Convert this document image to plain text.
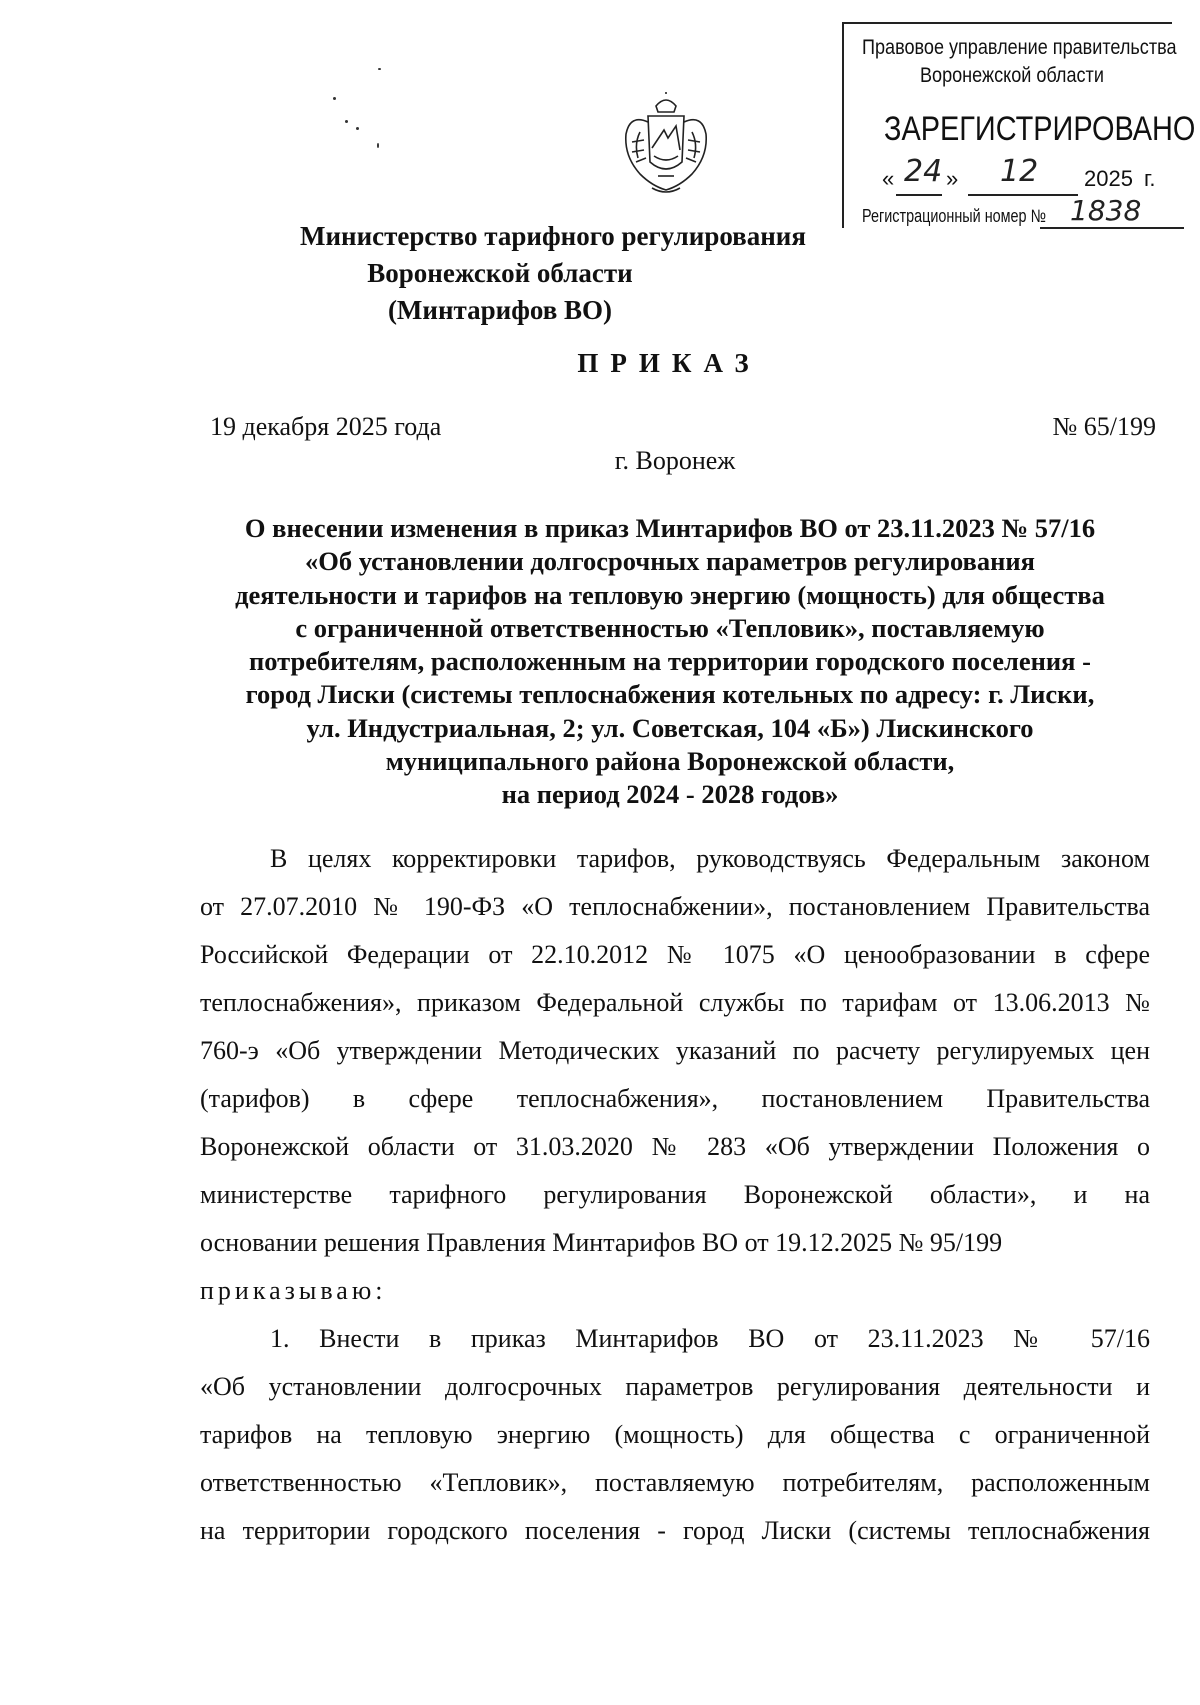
Правовое управление правительства
Воронежской области
ЗАРЕГИСТРИРОВАНО
« 24 » 12 2025 г.
Регистрационный номер № 1838
Министерство тарифного регулирования
Воронежской области
(Минтарифов ВО)
ПРИКАЗ
19 декабря 2025 года	№ 65/199
г. Воронеж
О внесении изменения в приказ Минтарифов ВО от 23.11.2023 № 57/16
«Об установлении долгосрочных параметров регулирования
деятельности и тарифов на тепловую энергию (мощность) для общества
с ограниченной ответственностью «Тепловик», поставляемую
потребителям, расположенным на территории городского поселения -
город Лиски (системы теплоснабжения котельных по адресу: г. Лиски,
ул. Индустриальная, 2; ул. Советская, 104 «Б») Лискинского
муниципального района Воронежской области,
на период 2024 - 2028 годов»
В целях корректировки тарифов, руководствуясь Федеральным законом
от 27.07.2010 № 190-ФЗ «О теплоснабжении», постановлением Правительства
Российской Федерации от 22.10.2012 № 1075 «О ценообразовании в сфере
теплоснабжения», приказом Федеральной службы по тарифам от 13.06.2013 №
760-э «Об утверждении Методических указаний по расчету регулируемых цен
(тарифов) в сфере теплоснабжения», постановлением Правительства
Воронежской области от 31.03.2020 № 283 «Об утверждении Положения о
министерстве тарифного регулирования Воронежской области», и на
основании решения Правления Минтарифов ВО от 19.12.2025 № 95/199
приказываю:
1. Внести в приказ Минтарифов ВО от 23.11.2023 № 57/16
«Об установлении долгосрочных параметров регулирования деятельности и
тарифов на тепловую энергию (мощность) для общества с ограниченной
ответственностью «Тепловик», поставляемую потребителям, расположенным
на территории городского поселения - город Лиски (системы теплоснабжения
